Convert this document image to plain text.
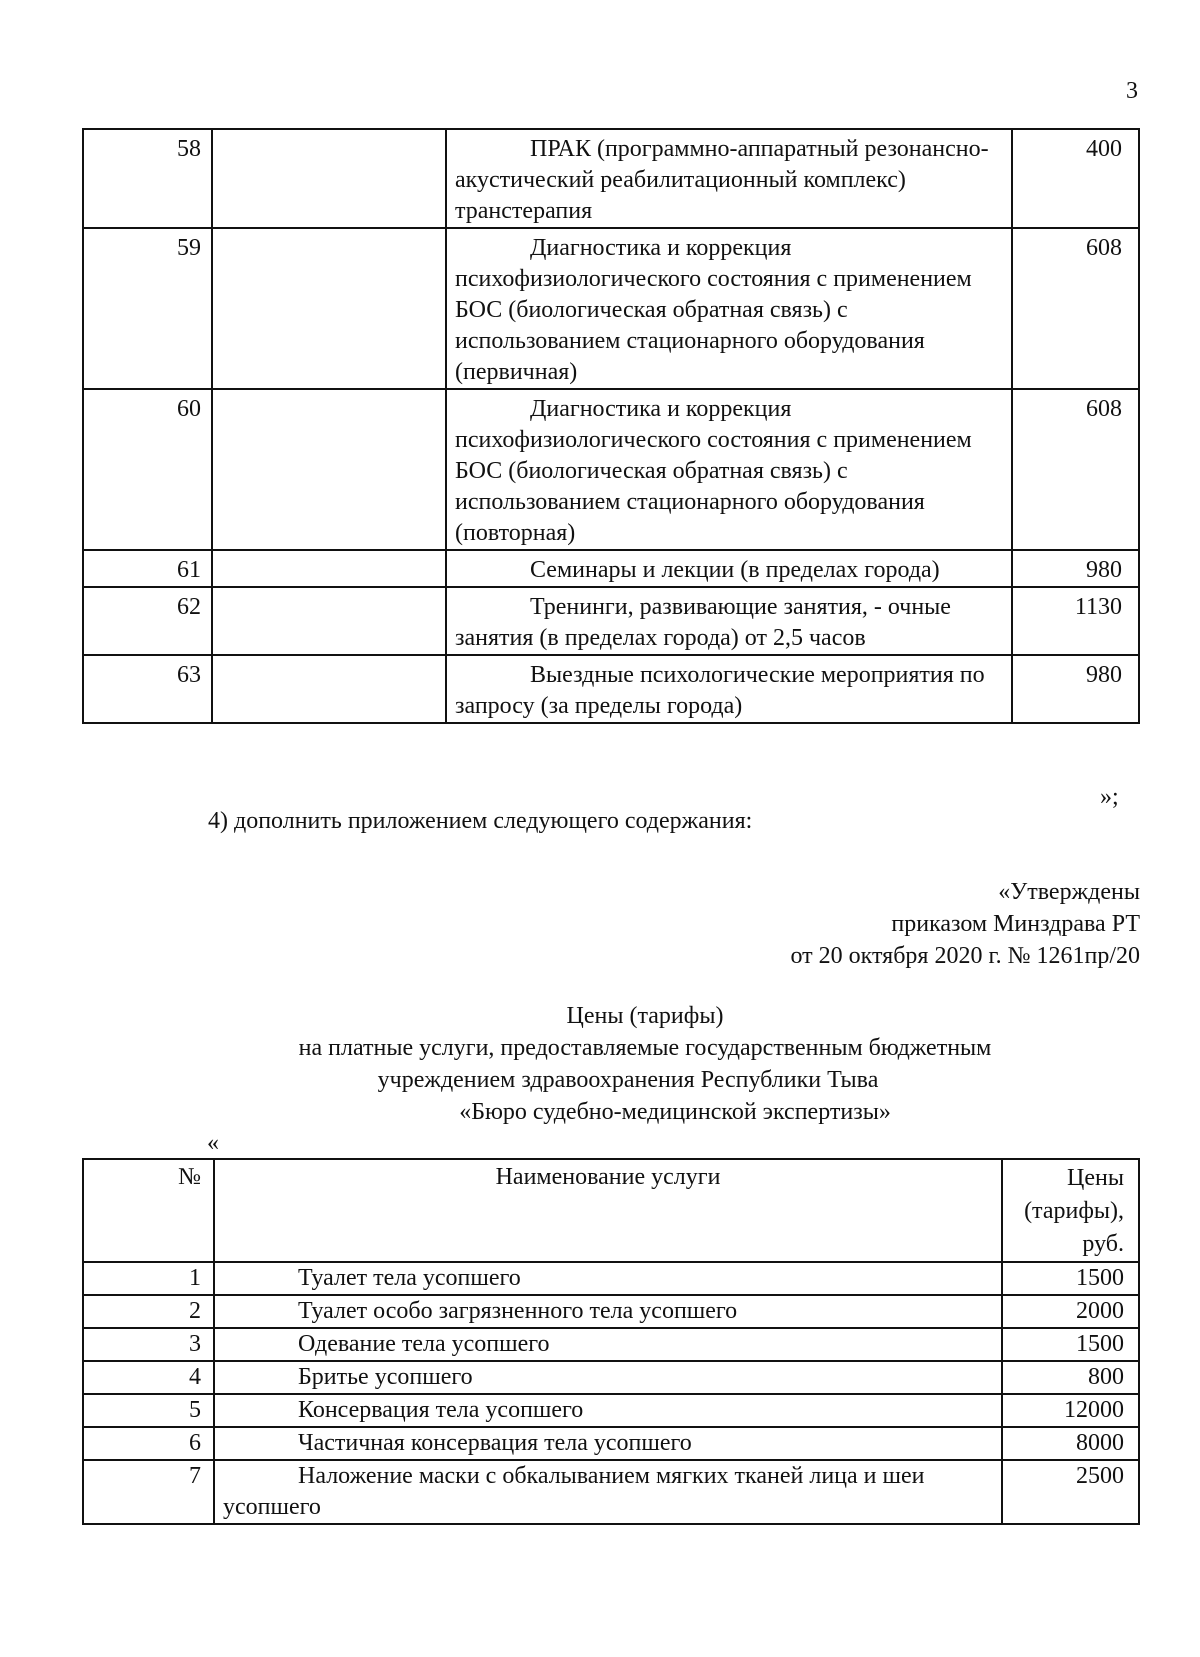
3
58		ПРАК (программно-аппаратный резонансно-акустический реабилитационный комплекс) транстерапия	400
59		Диагностика и коррекция психофизиологического состояния с применением БОС (биологическая обратная связь) с использованием стационарного оборудования (первичная)	608
60		Диагностика и коррекция психофизиологического состояния с применением БОС (биологическая обратная связь) с использованием стационарного оборудования (повторная)	608
61		Семинары и лекции (в пределах города)	980
62		Тренинги, развивающие занятия, - очные занятия (в пределах города) от 2,5 часов	1130
63		Выездные психологические мероприятия по запросу (за пределы города)	980
»;
4) дополнить приложением следующего содержания:
«Утверждены
приказом Минздрава РТ
от 20 октября 2020 г. № 1261пр/20
Цены (тарифы)
на платные услуги, предоставляемые государственным бюджетным
учреждением здравоохранения Республики Тыва
«Бюро судебно-медицинской экспертизы»
«
№	Наименование услуги	Цены
(тарифы),
руб.

1	Туалет тела усопшего	1500
2	Туалет особо загрязненного тела усопшего	2000
3	Одевание тела усопшего	1500
4	Бритье усопшего	800
5	Консервация тела усопшего	12000
6	Частичная консервация тела усопшего	8000
7	Наложение маски с обкалыванием мягких тканей лица и шеи усопшего	2500
